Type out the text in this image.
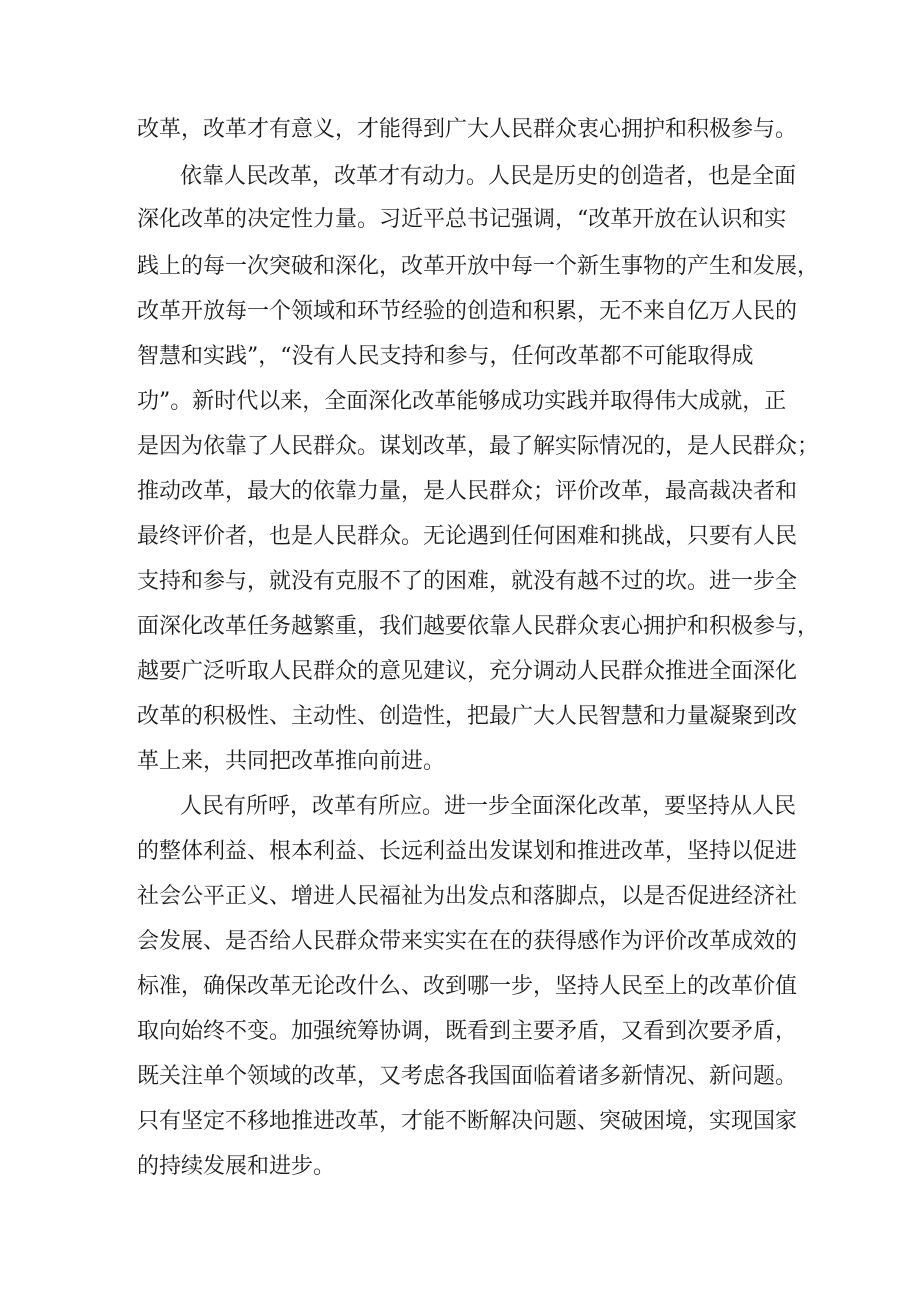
改革，改革才有意义，才能得到广大人民群众衷心拥护和积极参与。
依靠人民改革，改革才有动力。人民是历史的创造者，也是全面
深化改革的决定性力量。习近平总书记强调，“改革开放在认识和实
践上的每一次突破和深化，改革开放中每一个新生事物的产生和发展，
改革开放每一个领域和环节经验的创造和积累，无不来自亿万人民的
智慧和实践”，“没有人民支持和参与，任何改革都不可能取得成
功”。新时代以来，全面深化改革能够成功实践并取得伟大成就，正
是因为依靠了人民群众。谋划改革，最了解实际情况的，是人民群众；
推动改革，最大的依靠力量，是人民群众；评价改革，最高裁决者和
最终评价者，也是人民群众。无论遇到任何困难和挑战，只要有人民
支持和参与，就没有克服不了的困难，就没有越不过的坎。进一步全
面深化改革任务越繁重，我们越要依靠人民群众衷心拥护和积极参与，
越要广泛听取人民群众的意见建议，充分调动人民群众推进全面深化
改革的积极性、主动性、创造性，把最广大人民智慧和力量凝聚到改
革上来，共同把改革推向前进。
人民有所呼，改革有所应。进一步全面深化改革，要坚持从人民
的整体利益、根本利益、长远利益出发谋划和推进改革，坚持以促进
社会公平正义、增进人民福祉为出发点和落脚点，以是否促进经济社
会发展、是否给人民群众带来实实在在的获得感作为评价改革成效的
标准，确保改革无论改什么、改到哪一步，坚持人民至上的改革价值
取向始终不变。加强统筹协调，既看到主要矛盾，又看到次要矛盾，
既关注单个领域的改革，又考虑各我国面临着诸多新情况、新问题。
只有坚定不移地推进改革，才能不断解决问题、突破困境，实现国家
的持续发展和进步。
